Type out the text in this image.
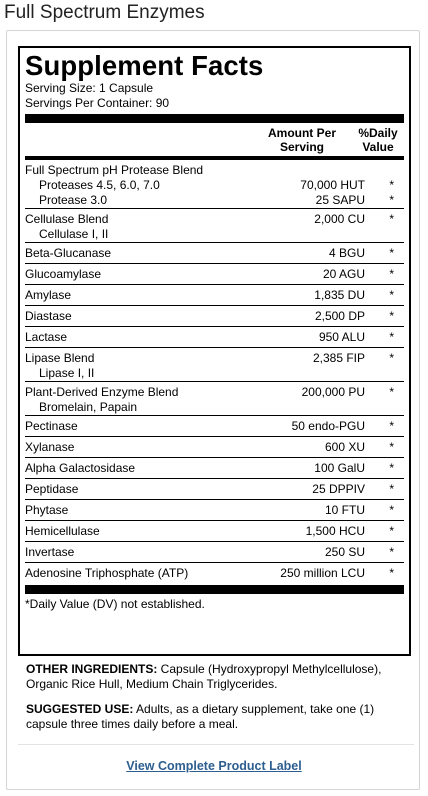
Full Spectrum Enzymes
Supplement Facts
Serving Size: 1 Capsule
Servings Per Container: 90
Amount Per
Serving
%Daily
Value
Full Spectrum pH Protease Blend
Proteases 4.5, 6.0, 7.0	70,000 HUT	*
Protease 3.0	25 SAPU	*
Cellulase Blend	2,000 CU	*
Cellulase I, II
Beta-Glucanase	4 BGU	*
Glucoamylase	20 AGU	*
Amylase	1,835 DU	*
Diastase	2,500 DP	*
Lactase	950 ALU	*
Lipase Blend	2,385 FIP	*
Lipase I, II
Plant-Derived Enzyme Blend	200,000 PU	*
Bromelain, Papain
Pectinase	50 endo-PGU	*
Xylanase	600 XU	*
Alpha Galactosidase	100 GalU	*
Peptidase	25 DPPIV	*
Phytase	10 FTU	*
Hemicellulase	1,500 HCU	*
Invertase	250 SU	*
Adenosine Triphosphate (ATP)	250 million LCU	*
*Daily Value (DV) not established.
OTHER INGREDIENTS: Capsule (Hydroxypropyl Methylcellulose), Organic Rice Hull, Medium Chain Triglycerides.
SUGGESTED USE: Adults, as a dietary supplement, take one (1) capsule three times daily before a meal.
View Complete Product Label
